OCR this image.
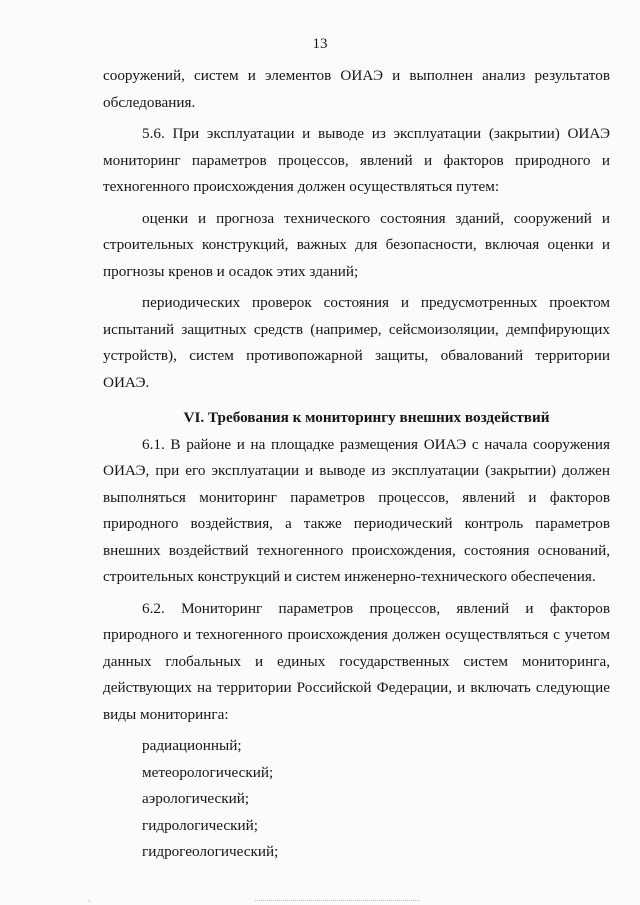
13

сооружений, систем и элементов ОИАЭ и выполнен анализ результатов обследования.

5.6. При эксплуатации и выводе из эксплуатации (закрытии) ОИАЭ мониторинг параметров процессов, явлений и факторов природного и техногенного происхождения должен осуществляться путем:

оценки и прогноза технического состояния зданий, сооружений и строительных конструкций, важных для безопасности, включая оценки и прогнозы кренов и осадок этих зданий;

периодических проверок состояния и предусмотренных проектом испытаний защитных средств (например, сейсмоизоляции, демпфирующих устройств), систем противопожарной защиты, обвалований территории ОИАЭ.

VI. Требования к мониторингу внешних воздействий

6.1. В районе и на площадке размещения ОИАЭ с начала сооружения ОИАЭ, при его эксплуатации и выводе из эксплуатации (закрытии) должен выполняться мониторинг параметров процессов, явлений и факторов природного воздействия, а также периодический контроль параметров внешних воздействий техногенного происхождения, состояния оснований, строительных конструкций и систем инженерно-технического обеспечения.

6.2. Мониторинг параметров процессов, явлений и факторов природного и техногенного происхождения должен осуществляться с учетом данных глобальных и единых государственных систем мониторинга, действующих на территории Российской Федерации, и включать следующие виды мониторинга:

радиационный;
метеорологический;
аэрологический;
гидрологический;
гидрогеологический;
ˎ
